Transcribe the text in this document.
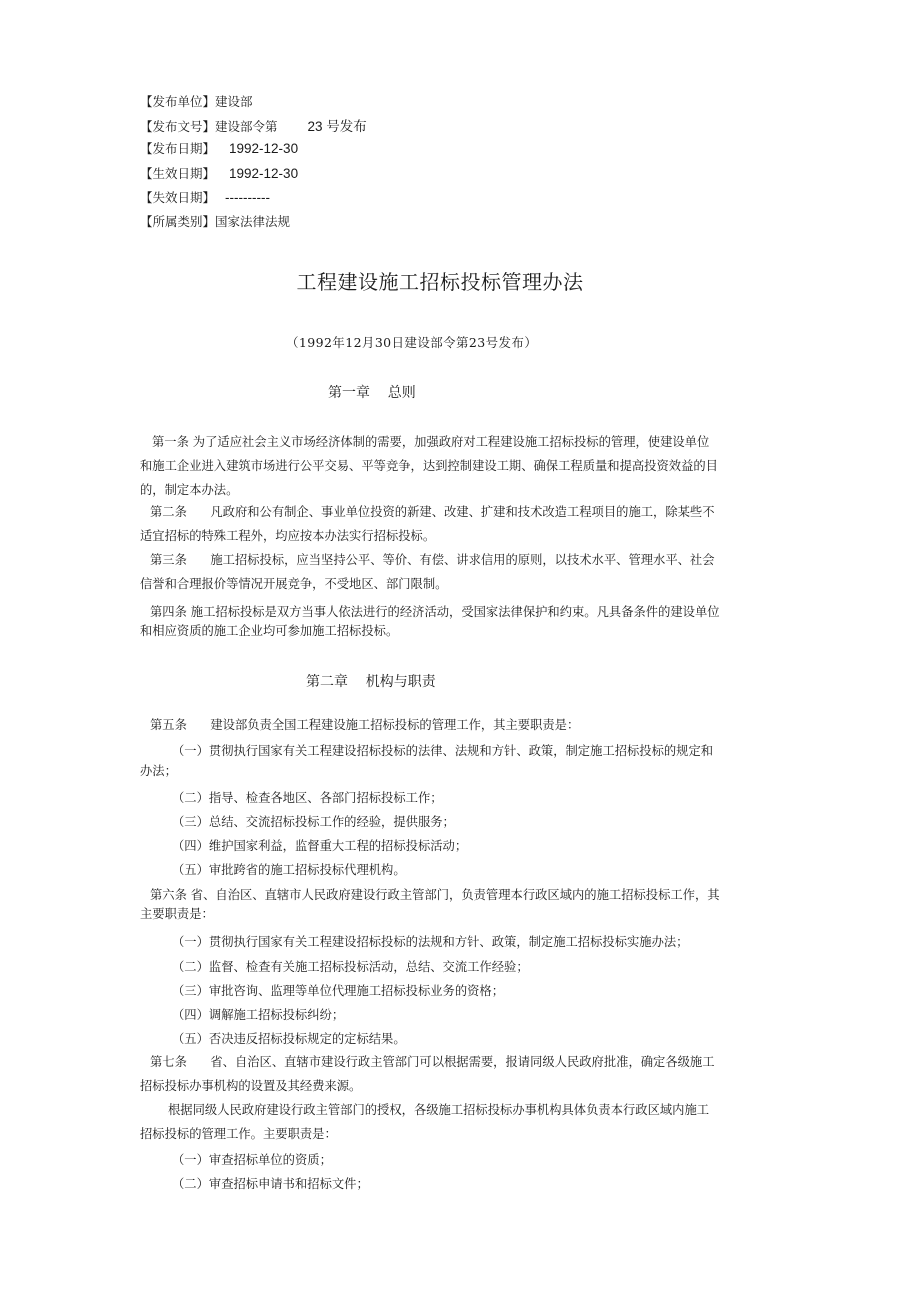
【发布单位】建设部
【发布文号】建设部令第 23 号发布
【发布日期】 1992-12-30
【生效日期】 1992-12-30
【失效日期】 ----------
【所属类别】国家法律法规
工程建设施工招标投标管理办法
（1992年12月30日建设部令第23号发布）
第一章    总则
第一条 为了适应社会主义市场经济体制的需要，加强政府对工程建设施工招标投标的管理，使建设单位和施工企业进入建筑市场进行公平交易、平等竞争，达到控制建设工期、确保工程质量和提高投资效益的目的，制定本办法。
第二条      凡政府和公有制企、事业单位投资的新建、改建、扩建和技术改造工程项目的施工，除某些不适宜招标的特殊工程外，均应按本办法实行招标投标。
第三条      施工招标投标，应当坚持公平、等价、有偿、讲求信用的原则，以技术水平、管理水平、社会信誉和合理报价等情况开展竞争，不受地区、部门限制。
第四条 施工招标投标是双方当事人依法进行的经济活动，受国家法律保护和约束。凡具备条件的建设单位和相应资质的施工企业均可参加施工招标投标。
第二章    机构与职责
第五条      建设部负责全国工程建设施工招标投标的管理工作，其主要职责是：
（一）贯彻执行国家有关工程建设招标投标的法律、法规和方针、政策，制定施工招标投标的规定和办法；
（二）指导、检查各地区、各部门招标投标工作；
（三）总结、交流招标投标工作的经验，提供服务；
（四）维护国家利益，监督重大工程的招标投标活动；
（五）审批跨省的施工招标投标代理机构。
第六条 省、自治区、直辖市人民政府建设行政主管部门，负责管理本行政区域内的施工招标投标工作，其主要职责是：
（一）贯彻执行国家有关工程建设招标投标的法规和方针、政策，制定施工招标投标实施办法；
（二）监督、检查有关施工招标投标活动，总结、交流工作经验；
（三）审批咨询、监理等单位代理施工招标投标业务的资格；
（四）调解施工招标投标纠纷；
（五）否决违反招标投标规定的定标结果。
第七条      省、自治区、直辖市建设行政主管部门可以根据需要，报请同级人民政府批准，确定各级施工招标投标办事机构的设置及其经费来源。
根据同级人民政府建设行政主管部门的授权，各级施工招标投标办事机构具体负责本行政区域内施工招标投标的管理工作。主要职责是：
（一）审查招标单位的资质；
（二）审查招标申请书和招标文件；
